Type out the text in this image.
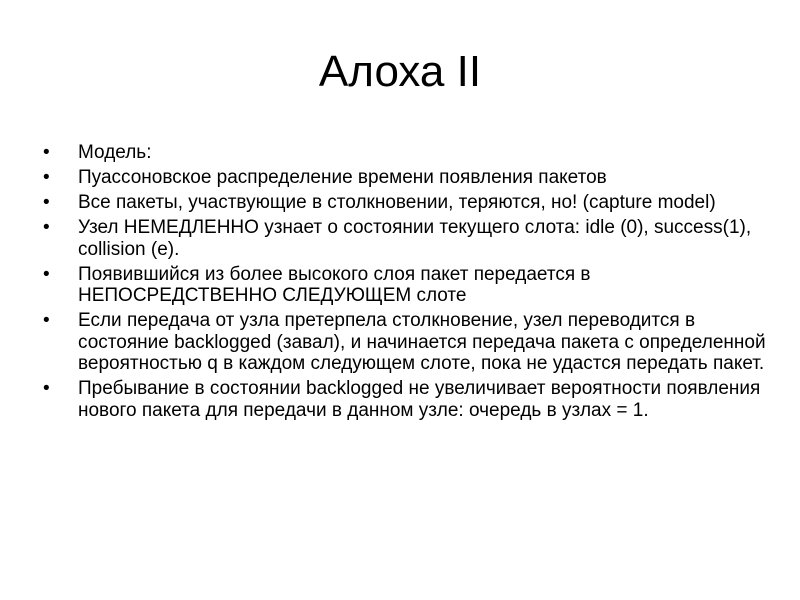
Алоха II
• Модель:
• Пуассоновское распределение времени появления пакетов
• Все пакеты, участвующие в столкновении, теряются, но! (capture model)
• Узел НЕМЕДЛЕННО узнает о состоянии текущего слота: idle (0), success(1), collision (e).
• Появившийся из более высокого слоя пакет передается в НЕПОСРЕДСТВЕННО СЛЕДУЮЩЕМ слоте
• Если передача от узла претерпела столкновение, узел переводится в состояние backlogged (завал), и начинается передача пакета с определенной вероятностью q в каждом следующем слоте, пока не удастся передать пакет.
• Пребывание в состоянии backlogged не увеличивает вероятности появления нового пакета для передачи в данном узле: очередь в узлах = 1.
